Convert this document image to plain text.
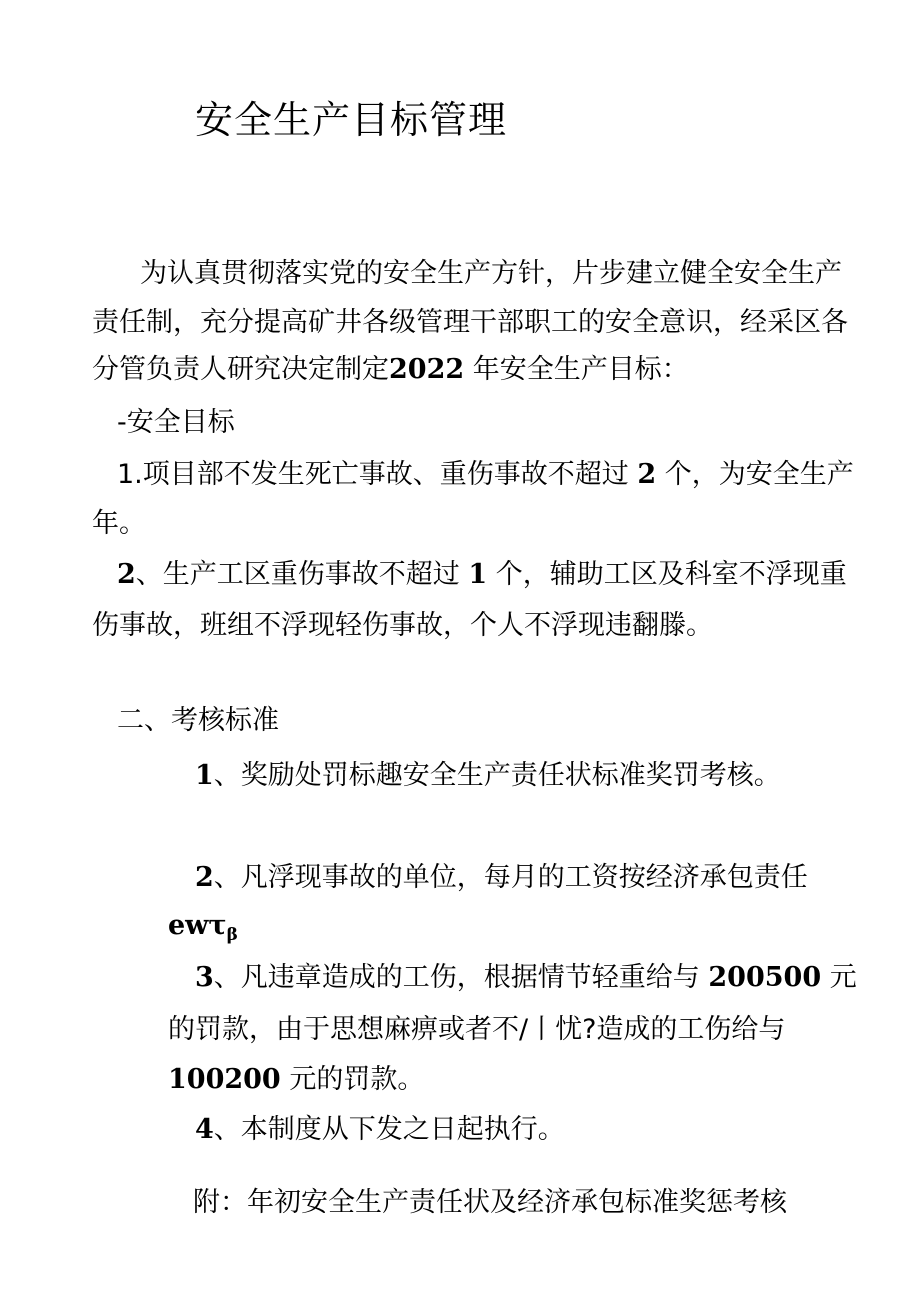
安全生产目标管理
为认真贯彻落实党的安全生产方针，片步建立健全安全生产
责任制，充分提高矿井各级管理干部职工的安全意识，经采区各
分管负责人研究决定制定2022 年安全生产目标：
-安全目标
1.项目部不发生死亡事故、重伤事故不超过 2 个，为安全生产
年。
2、生产工区重伤事故不超过 1 个，辅助工区及科室不浮现重
伤事故，班组不浮现轻伤事故，个人不浮现违翻滕。
二、考核标准
1、奖励处罚标趣安全生产责任状标准奖罚考核。
2、凡浮现事故的单位，每月的工资按经济承包责任
ewτ$_\beta$
3、凡违章造成的工伤，根据情节轻重给与 200500 元
的罚款，由于思想麻痹或者不/丨忧?造成的工伤给与
100200 元的罚款。
4、本制度从下发之日起执行。
附：年初安全生产责任状及经济承包标准奖惩考核
